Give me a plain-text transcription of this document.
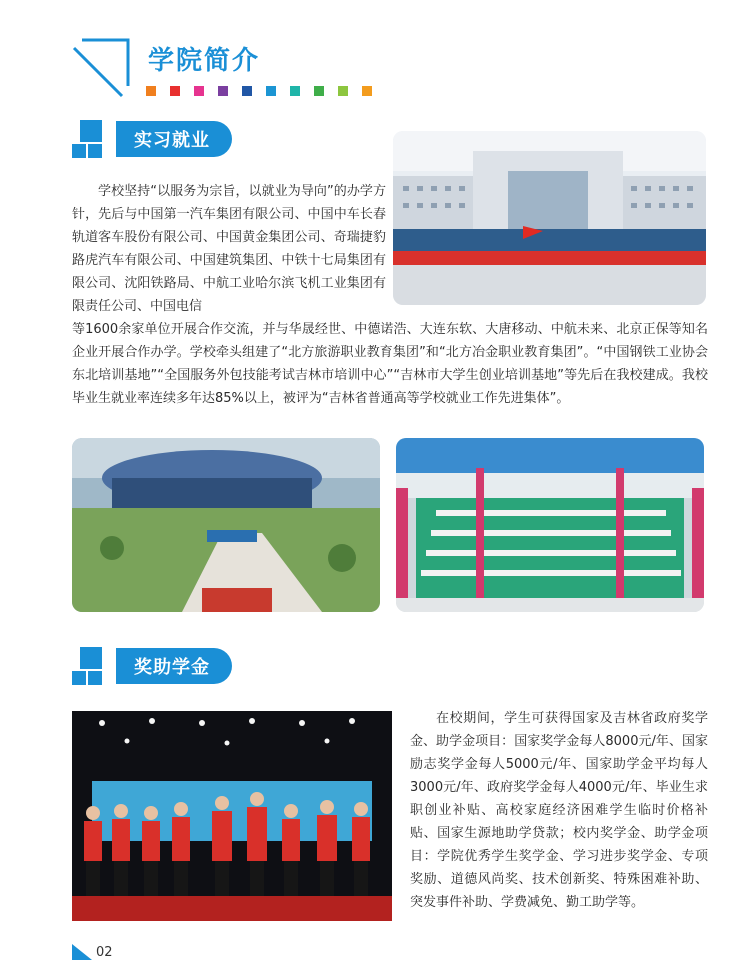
学院简介
实习就业
学校坚持“以服务为宗旨，以就业为导向”的办学方针，先后与中国第一汽车集团有限公司、中国中车长春轨道客车股份有限公司、中国黄金集团公司、奇瑞捷豹路虎汽车有限公司、中国建筑集团、中铁十七局集团有限公司、沈阳铁路局、中航工业哈尔滨飞机工业集团有限责任公司、中国电信
等1600余家单位开展合作交流，并与华晟经世、中德诺浩、大连东软、大唐移动、中航未来、北京正保等知名企业开展合作办学。学校牵头组建了“北方旅游职业教育集团”和“北方冶金职业教育集团”。“中国钢铁工业协会东北培训基地”“全国服务外包技能考试吉林市培训中心”“吉林市大学生创业培训基地”等先后在我校建成。我校毕业生就业率连续多年达85%以上，被评为“吉林省普通高等学校就业工作先进集体”。
奖助学金
在校期间，学生可获得国家及吉林省政府奖学金、助学金项目：国家奖学金每人8000元/年、国家励志奖学金每人5000元/年、国家助学金平均每人3000元/年、政府奖学金每人4000元/年、毕业生求职创业补贴、高校家庭经济困难学生临时价格补贴、国家生源地助学贷款；校内奖学金、助学金项目：学院优秀学生奖学金、学习进步奖学金、专项奖励、道德风尚奖、技术创新奖、特殊困难补助、突发事件补助、学费减免、勤工助学等。
02
